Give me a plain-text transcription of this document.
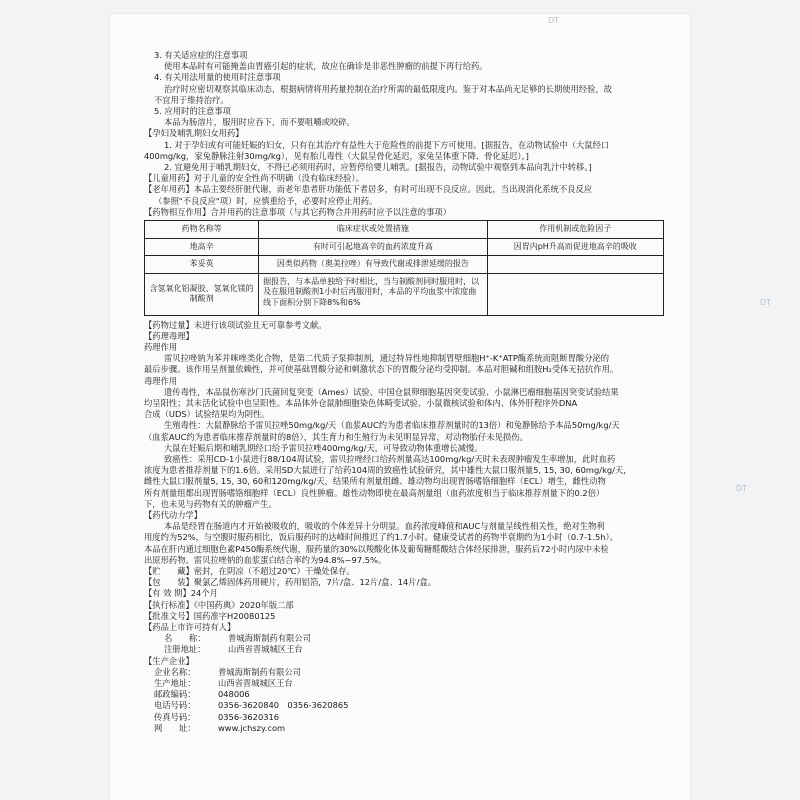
3. 有关适应症的注意事项

使用本品时有可能掩盖由胃癌引起的症状，故应在确诊是非恶性肿瘤的前提下再行给药。

4. 有关用法用量的使用时注意事项

治疗时应密切观察其临床动态，根据病情将用药量控制在治疗所需的最低限度内。鉴于对本品尚无足够的长期使用经验，故

不宜用于维持治疗。

5. 应用时的注意事项

本品为肠溶片，服用时应吞下，而不要咀嚼或咬碎。

【孕妇及哺乳期妇女用药】

1. 对于孕妇或有可能妊娠的妇女，只有在其治疗有益性大于危险性的前提下方可使用。[据报告，在动物试验中（大鼠经口

400mg/kg，家兔静脉注射30mg/kg），见有胎儿毒性（大鼠呈骨化延迟，家兔呈体重下降、骨化延迟）。]

2. 宜避免用于哺乳期妇女，不得已必须用药时，应暂停给婴儿哺乳。[据报告，动物试验中观察到本品向乳汁中转移。]

【儿童用药】对于儿童的安全性尚不明确（没有临床经验）。

【老年用药】本品主要经肝脏代谢，而老年患者肝功能低下者居多，有时可出现不良反应。因此，当出现消化系统不良反应

（参照"不良反应"项）时，应慎重给予，必要时应停止用药。

【药物相互作用】合并用药的注意事项（与其它药物合并用药时应予以注意的事项）

药物名称等	临床症状或处置措施	作用机制或危险因子
地高辛	有时可引起地高辛的血药浓度升高	因胃内pH升高而促进地高辛的吸收
苯妥英	因类似药物（奥美拉唑）有导致代谢或排泄延缓的报告	
含氢氧化铝凝胶、氢氧化镁的制酸剂	据报告，与本品单独给予时相比，当与制酸剂同时服用时，以及在服用制酸剂1小时后再服用时，本品的平均血浆中浓度曲线下面积分别下降8%和6%	

【药物过量】未进行该项试验且无可靠参考文献。

【药理毒理】

药理作用

雷贝拉唑钠为苯并咪唑类化合物，是第二代质子泵抑制剂，通过特异性地抑制胃壁细胞H⁺-K⁺ATP酶系统而阻断胃酸分泌的

最后步骤。该作用呈剂量依赖性，并可使基础胃酸分泌和刺激状态下的胃酸分泌均受抑制。本品对胆碱和组胺H₂受体无拮抗作用。

毒理作用

遗传毒性，本品鼠伤寒沙门氏菌回复突变（Ames）试验、中国仓鼠卵细胞基因突变试验、小鼠淋巴瘤细胞基因突变试验结果

均呈阳性；其未活化试验中也呈阳性。本品体外仓鼠肺细胞染色体畸变试验、小鼠微核试验和体内、体外肝程序外DNA

合成（UDS）试验结果均为阴性。

生殖毒性：大鼠静脉给予雷贝拉唑50mg/kg/天（血浆AUC约为患者临床推荐剂量时的13倍）和兔静脉给予本品50mg/kg/天

（血浆AUC约为患者临床推荐剂量时的8倍），其生育力和生殖行为未见明显异常，对动物胎仔未见损伤。

大鼠在妊娠后期和哺乳期经口给予雷贝拉唑400mg/kg/天，可导致动物体重增长减慢。

致癌性：采用CD-1小鼠进行88/104周试验，雷贝拉唑经口给药剂量高达100mg/kg/天时未表现肿瘤发生率增加，此时血药

浓度为患者推荐剂量下的1.6倍。采用SD大鼠进行了给药104周的致癌性试验研究，其中雄性大鼠口服剂量5, 15, 30, 60mg/kg/天，

雌性大鼠口服剂量5, 15, 30, 60和120mg/kg/天，结果所有剂量组雌、雄动物均出现胃肠嗜铬细胞样（ECL）增生，雌性动物

所有剂量组都出现胃肠嗜铬细胞样（ECL）良性肿瘤。雄性动物即使在最高剂量组（血药浓度相当于临床推荐剂量下的0.2倍）

下，也未见与药物有关的肿瘤产生。

【药代动力学】

本品是经胃在肠道内才开始被吸收的，吸收的个体差异十分明显。血药浓度峰值和AUC与剂量呈线性相关性，绝对生物利

用度约为52%，与空腹时服药相比，饭后服药时的达峰时间推迟了约1.7小时。健康受试者的药物半衰期约为1小时（0.7-1.5h）。

本品在肝内通过细胞色素P450酶系统代谢，服药量的30%以羧酸化体及葡萄糖醛酸结合体经尿排泄，服药后72小时内尿中未检

出原形药物。雷贝拉唑钠的血浆蛋白结合率约为94.8%~97.5%。

【贮　　藏】密封，在阴凉（不超过20℃）干燥处保存。

【包　　装】聚氯乙烯固体药用硬片，药用铝箔，7片/盒、12片/盒、14片/盒。

【有 效 期】24个月

【执行标准】《中国药典》2020年版二部

【批准文号】国药准字H20080125

【药品上市许可持有人】

名　　称：	普城海斯制药有限公司
注册地址：	山西省晋城城区王台

【生产企业】

企业名称：	普城海斯制药有限公司
生产地址：	山西省晋城城区王台
邮政编码：	048006
电话号码：	0356-3620840　0356-3620865
传真号码：	0356-3620316
网　　址：	www.jchszy.com
DT
DT
DT
